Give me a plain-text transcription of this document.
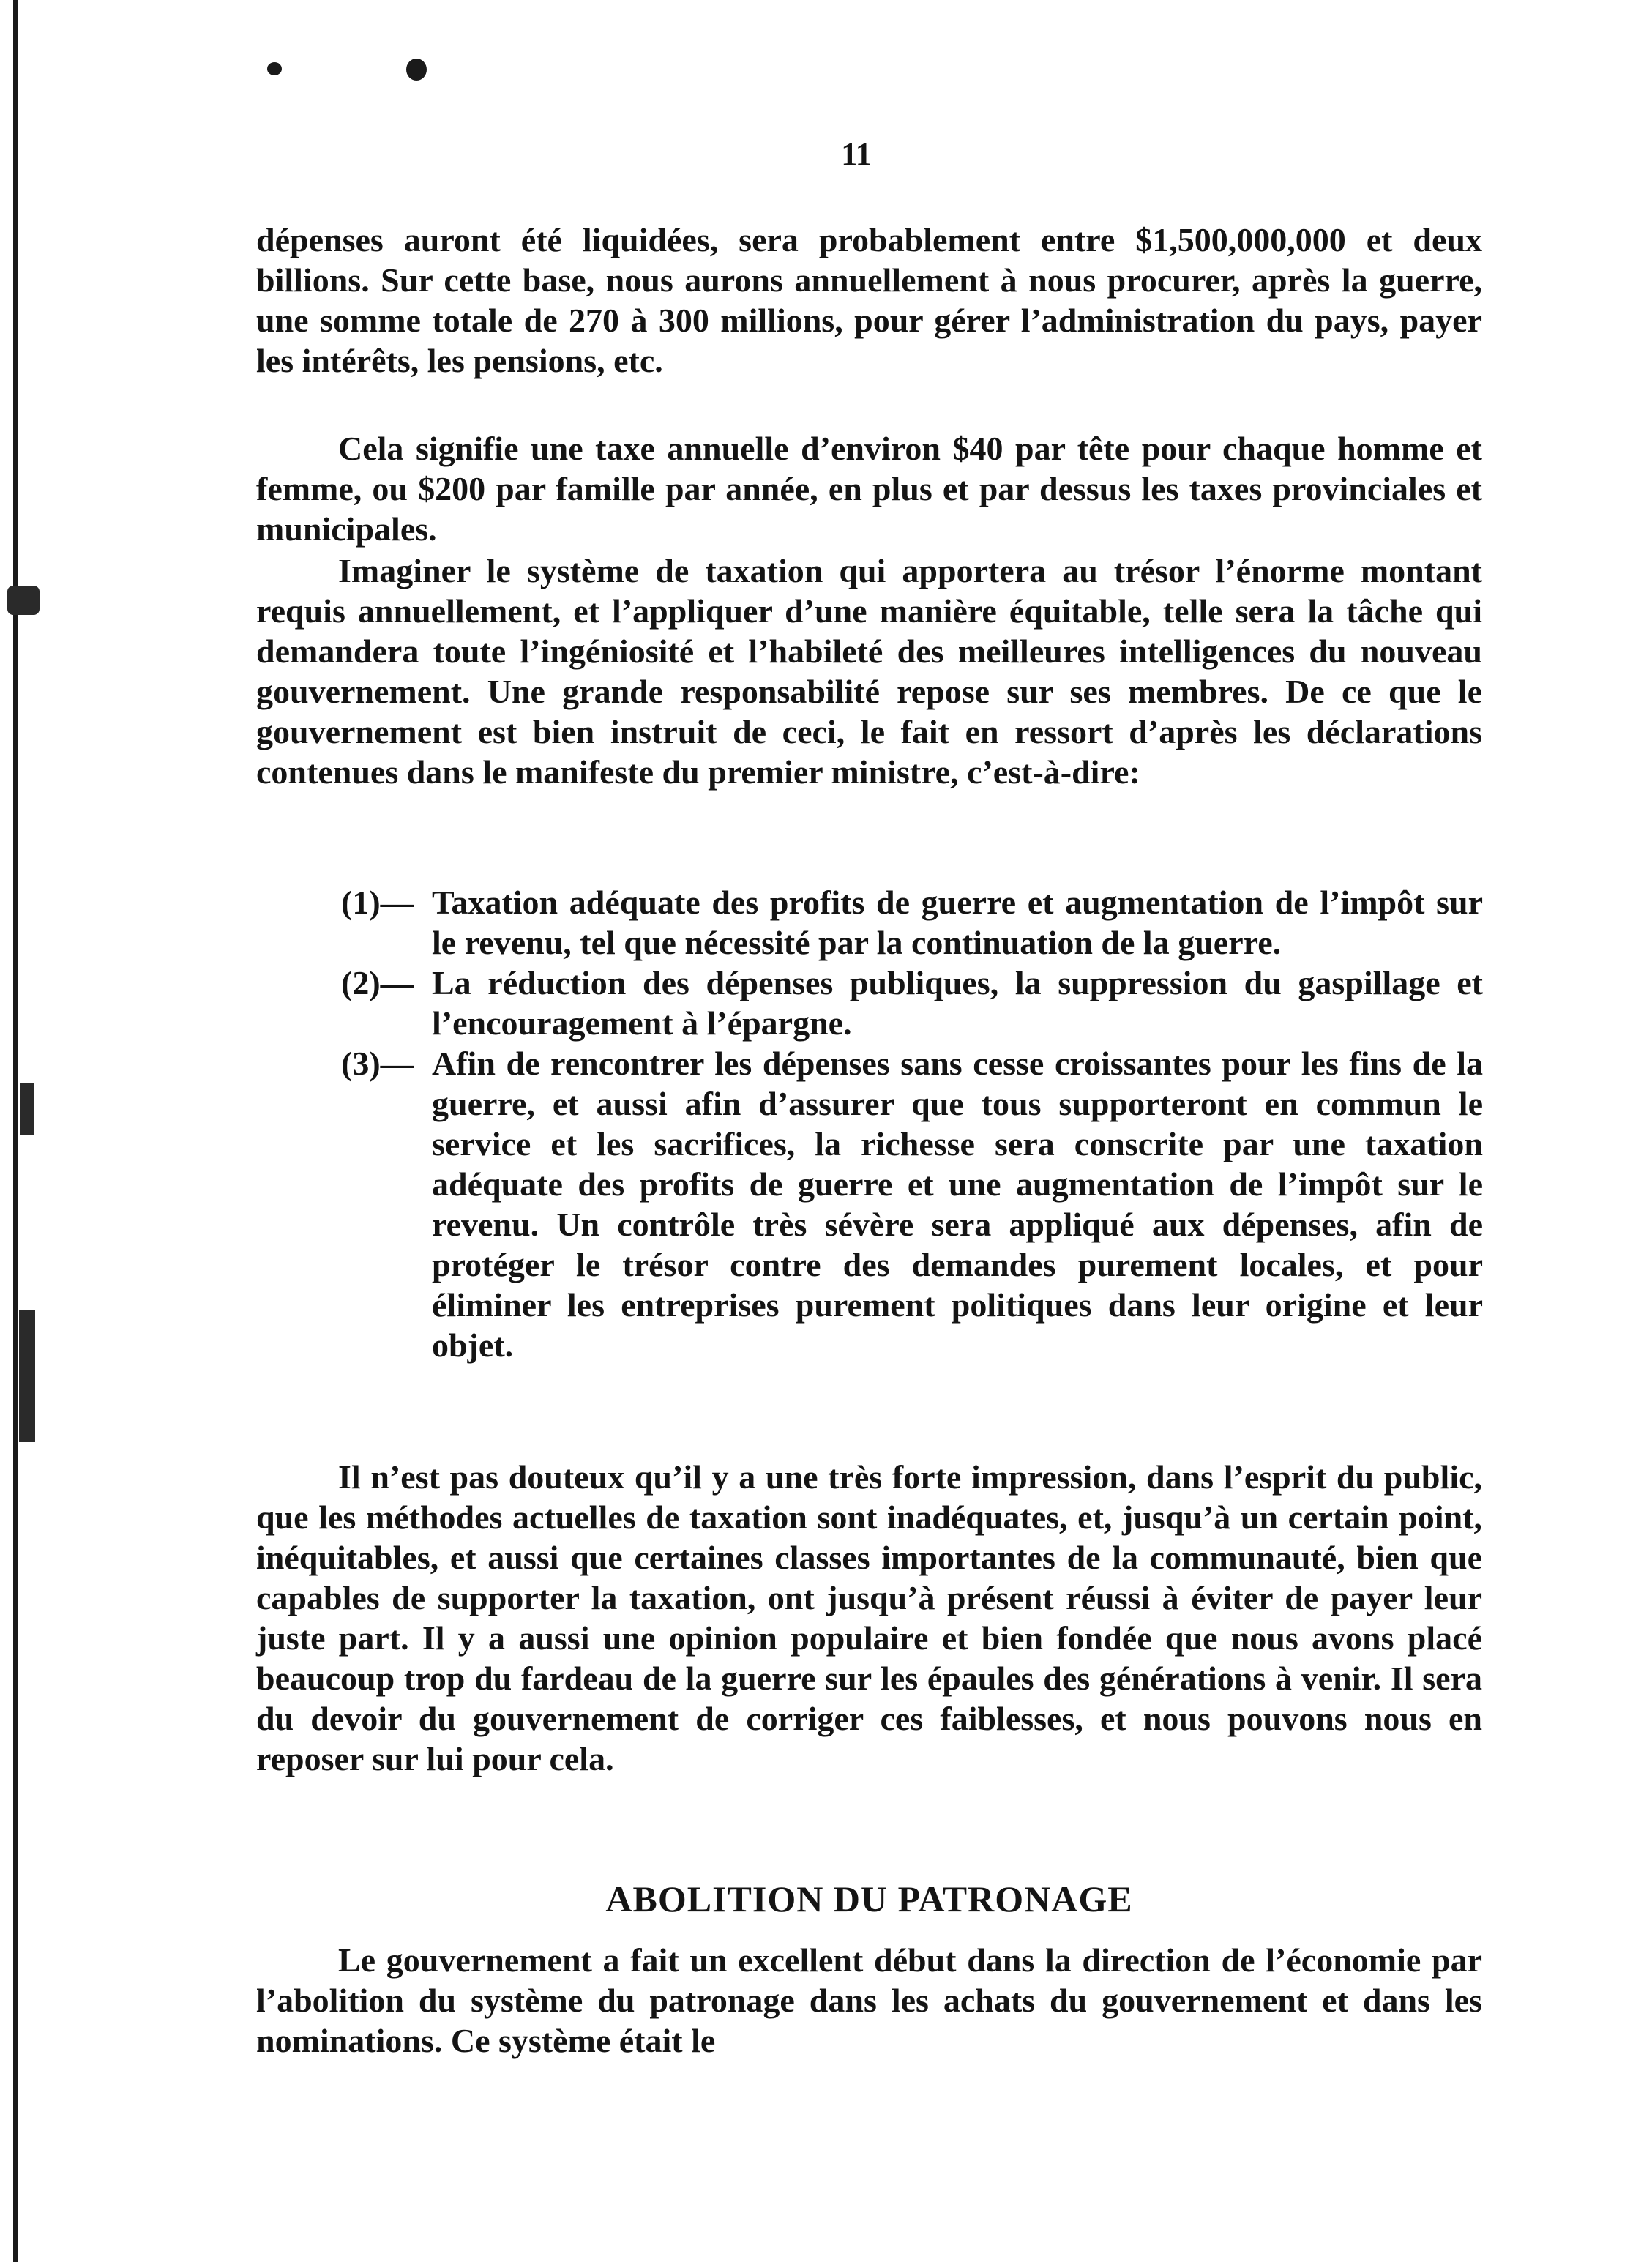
11

dépenses auront été liquidées, sera probablement entre $1,500,000,000 et deux billions. Sur cette base, nous aurons annuellement à nous procurer, après la guerre, une somme totale de 270 à 300 millions, pour gérer l’administration du pays, payer les intérêts, les pensions, etc.

Cela signifie une taxe annuelle d’environ $40 par tête pour chaque homme et femme, ou $200 par famille par année, en plus et par dessus les taxes provinciales et municipales.

Imaginer le système de taxation qui apportera au trésor l’énorme montant requis annuellement, et l’appliquer d’une manière équitable, telle sera la tâche qui demandera toute l’ingéniosité et l’habileté des meilleures intelligences du nouveau gouvernement. Une grande responsabilité repose sur ses membres. De ce que le gouvernement est bien instruit de ceci, le fait en ressort d’après les déclarations contenues dans le manifeste du premier ministre, c’est-à-dire:

(1)— Taxation adéquate des profits de guerre et augmentation de l’impôt sur le revenu, tel que nécessité par la continuation de la guerre.
(2)— La réduction des dépenses publiques, la suppression du gaspillage et l’encouragement à l’épargne.
(3)— Afin de rencontrer les dépenses sans cesse croissantes pour les fins de la guerre, et aussi afin d’assurer que tous supporteront en commun le service et les sacrifices, la richesse sera conscrite par une taxation adéquate des profits de guerre et une augmentation de l’impôt sur le revenu. Un contrôle très sévère sera appliqué aux dépenses, afin de protéger le trésor contre des demandes purement locales, et pour éliminer les entreprises purement politiques dans leur origine et leur objet.

Il n’est pas douteux qu’il y a une très forte impression, dans l’esprit du public, que les méthodes actuelles de taxation sont inadéquates, et, jusqu’à un certain point, inéquitables, et aussi que certaines classes importantes de la communauté, bien que capables de supporter la taxation, ont jusqu’à présent réussi à éviter de payer leur juste part. Il y a aussi une opinion populaire et bien fondée que nous avons placé beaucoup trop du fardeau de la guerre sur les épaules des générations à venir. Il sera du devoir du gouvernement de corriger ces faiblesses, et nous pouvons nous en reposer sur lui pour cela.

ABOLITION DU PATRONAGE

Le gouvernement a fait un excellent début dans la direction de l’économie par l’abolition du système du patronage dans les achats du gouvernement et dans les nominations. Ce système était le
